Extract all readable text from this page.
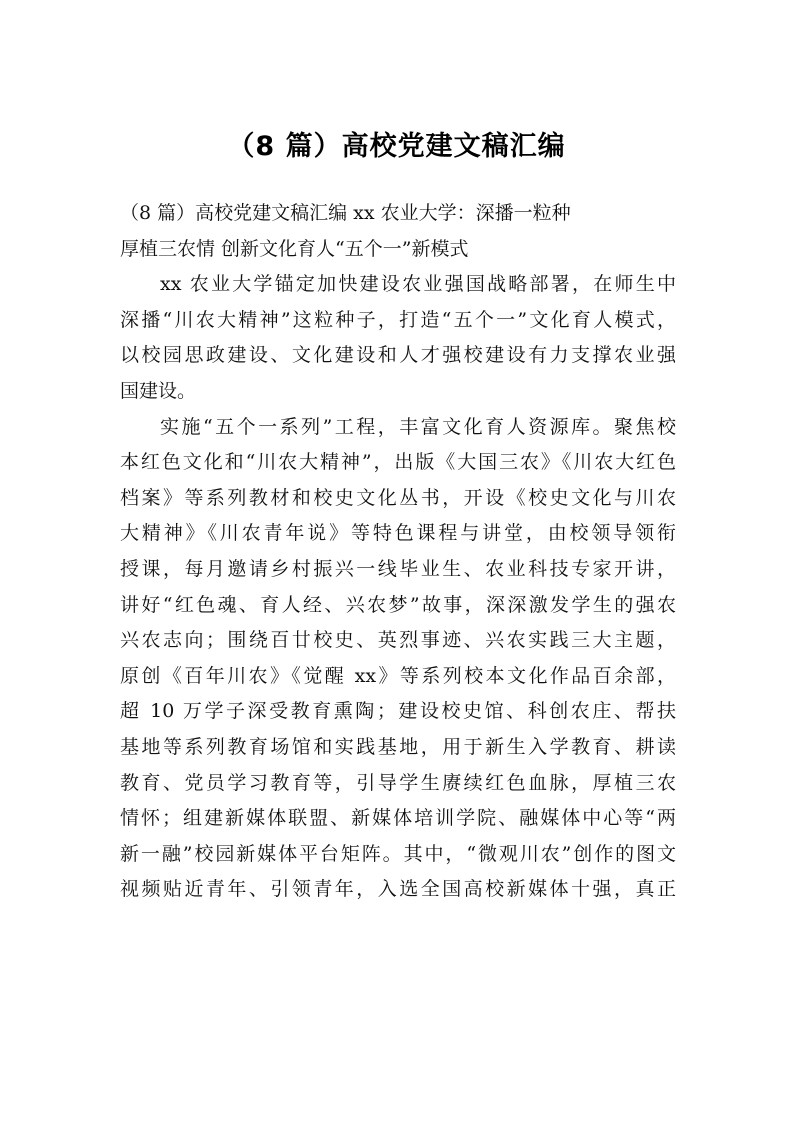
（8 篇）高校党建文稿汇编
（8 篇）高校党建文稿汇编 xx 农业大学：深播一粒种
厚植三农情 创新文化育人“五个一”新模式
xx 农业大学锚定加快建设农业强国战略部署，在师生中
深播“川农大精神”这粒种子，打造“五个一”文化育人模式，
以校园思政建设、文化建设和人才强校建设有力支撑农业强
国建设。
实施“五个一系列”工程，丰富文化育人资源库。聚焦校
本红色文化和“川农大精神”，出版《大国三农》《川农大红色
档案》等系列教材和校史文化丛书，开设《校史文化与川农
大精神》《川农青年说》等特色课程与讲堂，由校领导领衔
授课，每月邀请乡村振兴一线毕业生、农业科技专家开讲，
讲好“红色魂、育人经、兴农梦”故事，深深激发学生的强农
兴农志向；围绕百廿校史、英烈事迹、兴农实践三大主题，
原创《百年川农》《觉醒 xx》等系列校本文化作品百余部，
超 10 万学子深受教育熏陶；建设校史馆、科创农庄、帮扶
基地等系列教育场馆和实践基地，用于新生入学教育、耕读
教育、党员学习教育等，引导学生赓续红色血脉，厚植三农
情怀；组建新媒体联盟、新媒体培训学院、融媒体中心等“两
新一融”校园新媒体平台矩阵。其中，“微观川农”创作的图文
视频贴近青年、引领青年，入选全国高校新媒体十强，真正
